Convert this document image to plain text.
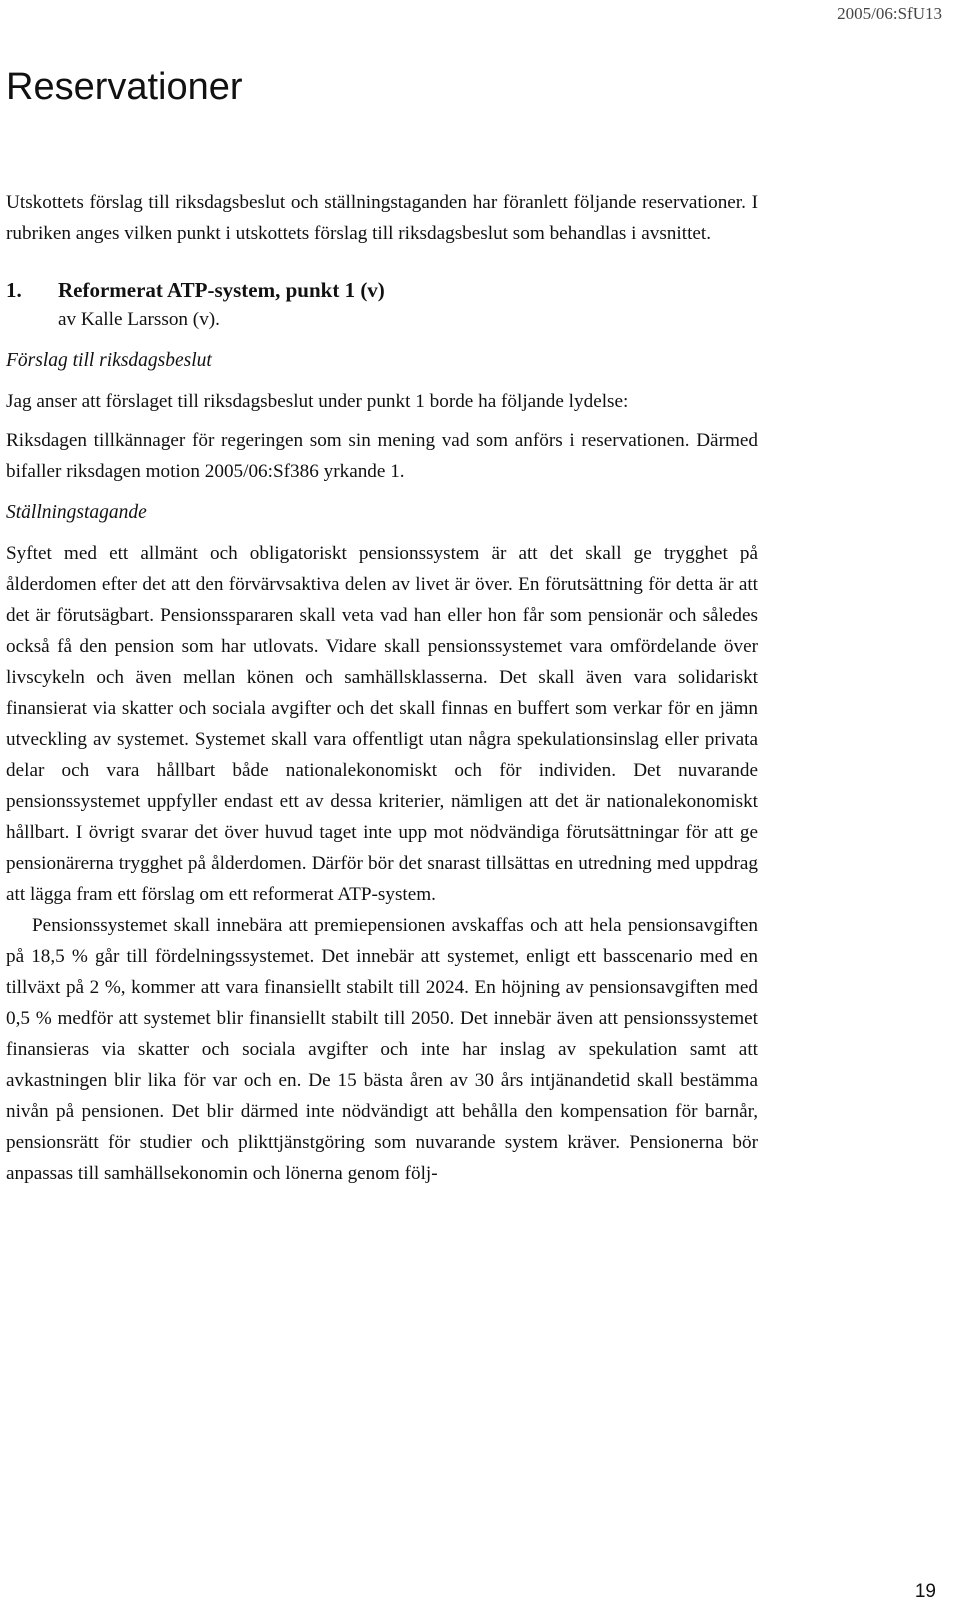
2005/06:SfU13
Reservationer

Utskottets förslag till riksdagsbeslut och ställningstaganden har föranlett följande reservationer. I rubriken anges vilken punkt i utskottets förslag till riksdagsbeslut som behandlas i avsnittet.

1. Reformerat ATP-system, punkt 1 (v)

av Kalle Larsson (v).

Förslag till riksdagsbeslut

Jag anser att förslaget till riksdagsbeslut under punkt 1 borde ha följande lydelse:

Riksdagen tillkännager för regeringen som sin mening vad som anförs i reservationen. Därmed bifaller riksdagen motion 2005/06:Sf386 yrkande 1.

Ställningstagande

Syftet med ett allmänt och obligatoriskt pensionssystem är att det skall ge trygghet på ålderdomen efter det att den förvärvsaktiva delen av livet är över. En förutsättning för detta är att det är förutsägbart. Pensionsspararen skall veta vad han eller hon får som pensionär och således också få den pension som har utlovats. Vidare skall pensionssystemet vara omfördelande över livscykeln och även mellan könen och samhällsklasserna. Det skall även vara solidariskt finansierat via skatter och sociala avgifter och det skall finnas en buffert som verkar för en jämn utveckling av systemet. Systemet skall vara offentligt utan några spekulationsinslag eller privata delar och vara hållbart både nationalekonomiskt och för individen. Det nuvarande pensionssystemet uppfyller endast ett av dessa kriterier, nämligen att det är nationalekonomiskt hållbart. I övrigt svarar det över huvud taget inte upp mot nödvändiga förutsättningar för att ge pensionärerna trygghet på ålderdomen. Därför bör det snarast tillsättas en utredning med uppdrag att lägga fram ett förslag om ett reformerat ATP-system.

Pensionssystemet skall innebära att premiepensionen avskaffas och att hela pensionsavgiften på 18,5 % går till fördelningssystemet. Det innebär att systemet, enligt ett basscenario med en tillväxt på 2 %, kommer att vara finansiellt stabilt till 2024. En höjning av pensionsavgiften med 0,5 % medför att systemet blir finansiellt stabilt till 2050. Det innebär även att pensionssystemet finansieras via skatter och sociala avgifter och inte har inslag av spekulation samt att avkastningen blir lika för var och en. De 15 bästa åren av 30 års intjänandetid skall bestämma nivån på pensionen. Det blir därmed inte nödvändigt att behålla den kompensation för barnår, pensionsrätt för studier och plikttjänstgöring som nuvarande system kräver. Pensionerna bör anpassas till samhällsekonomin och lönerna genom följ-

19
